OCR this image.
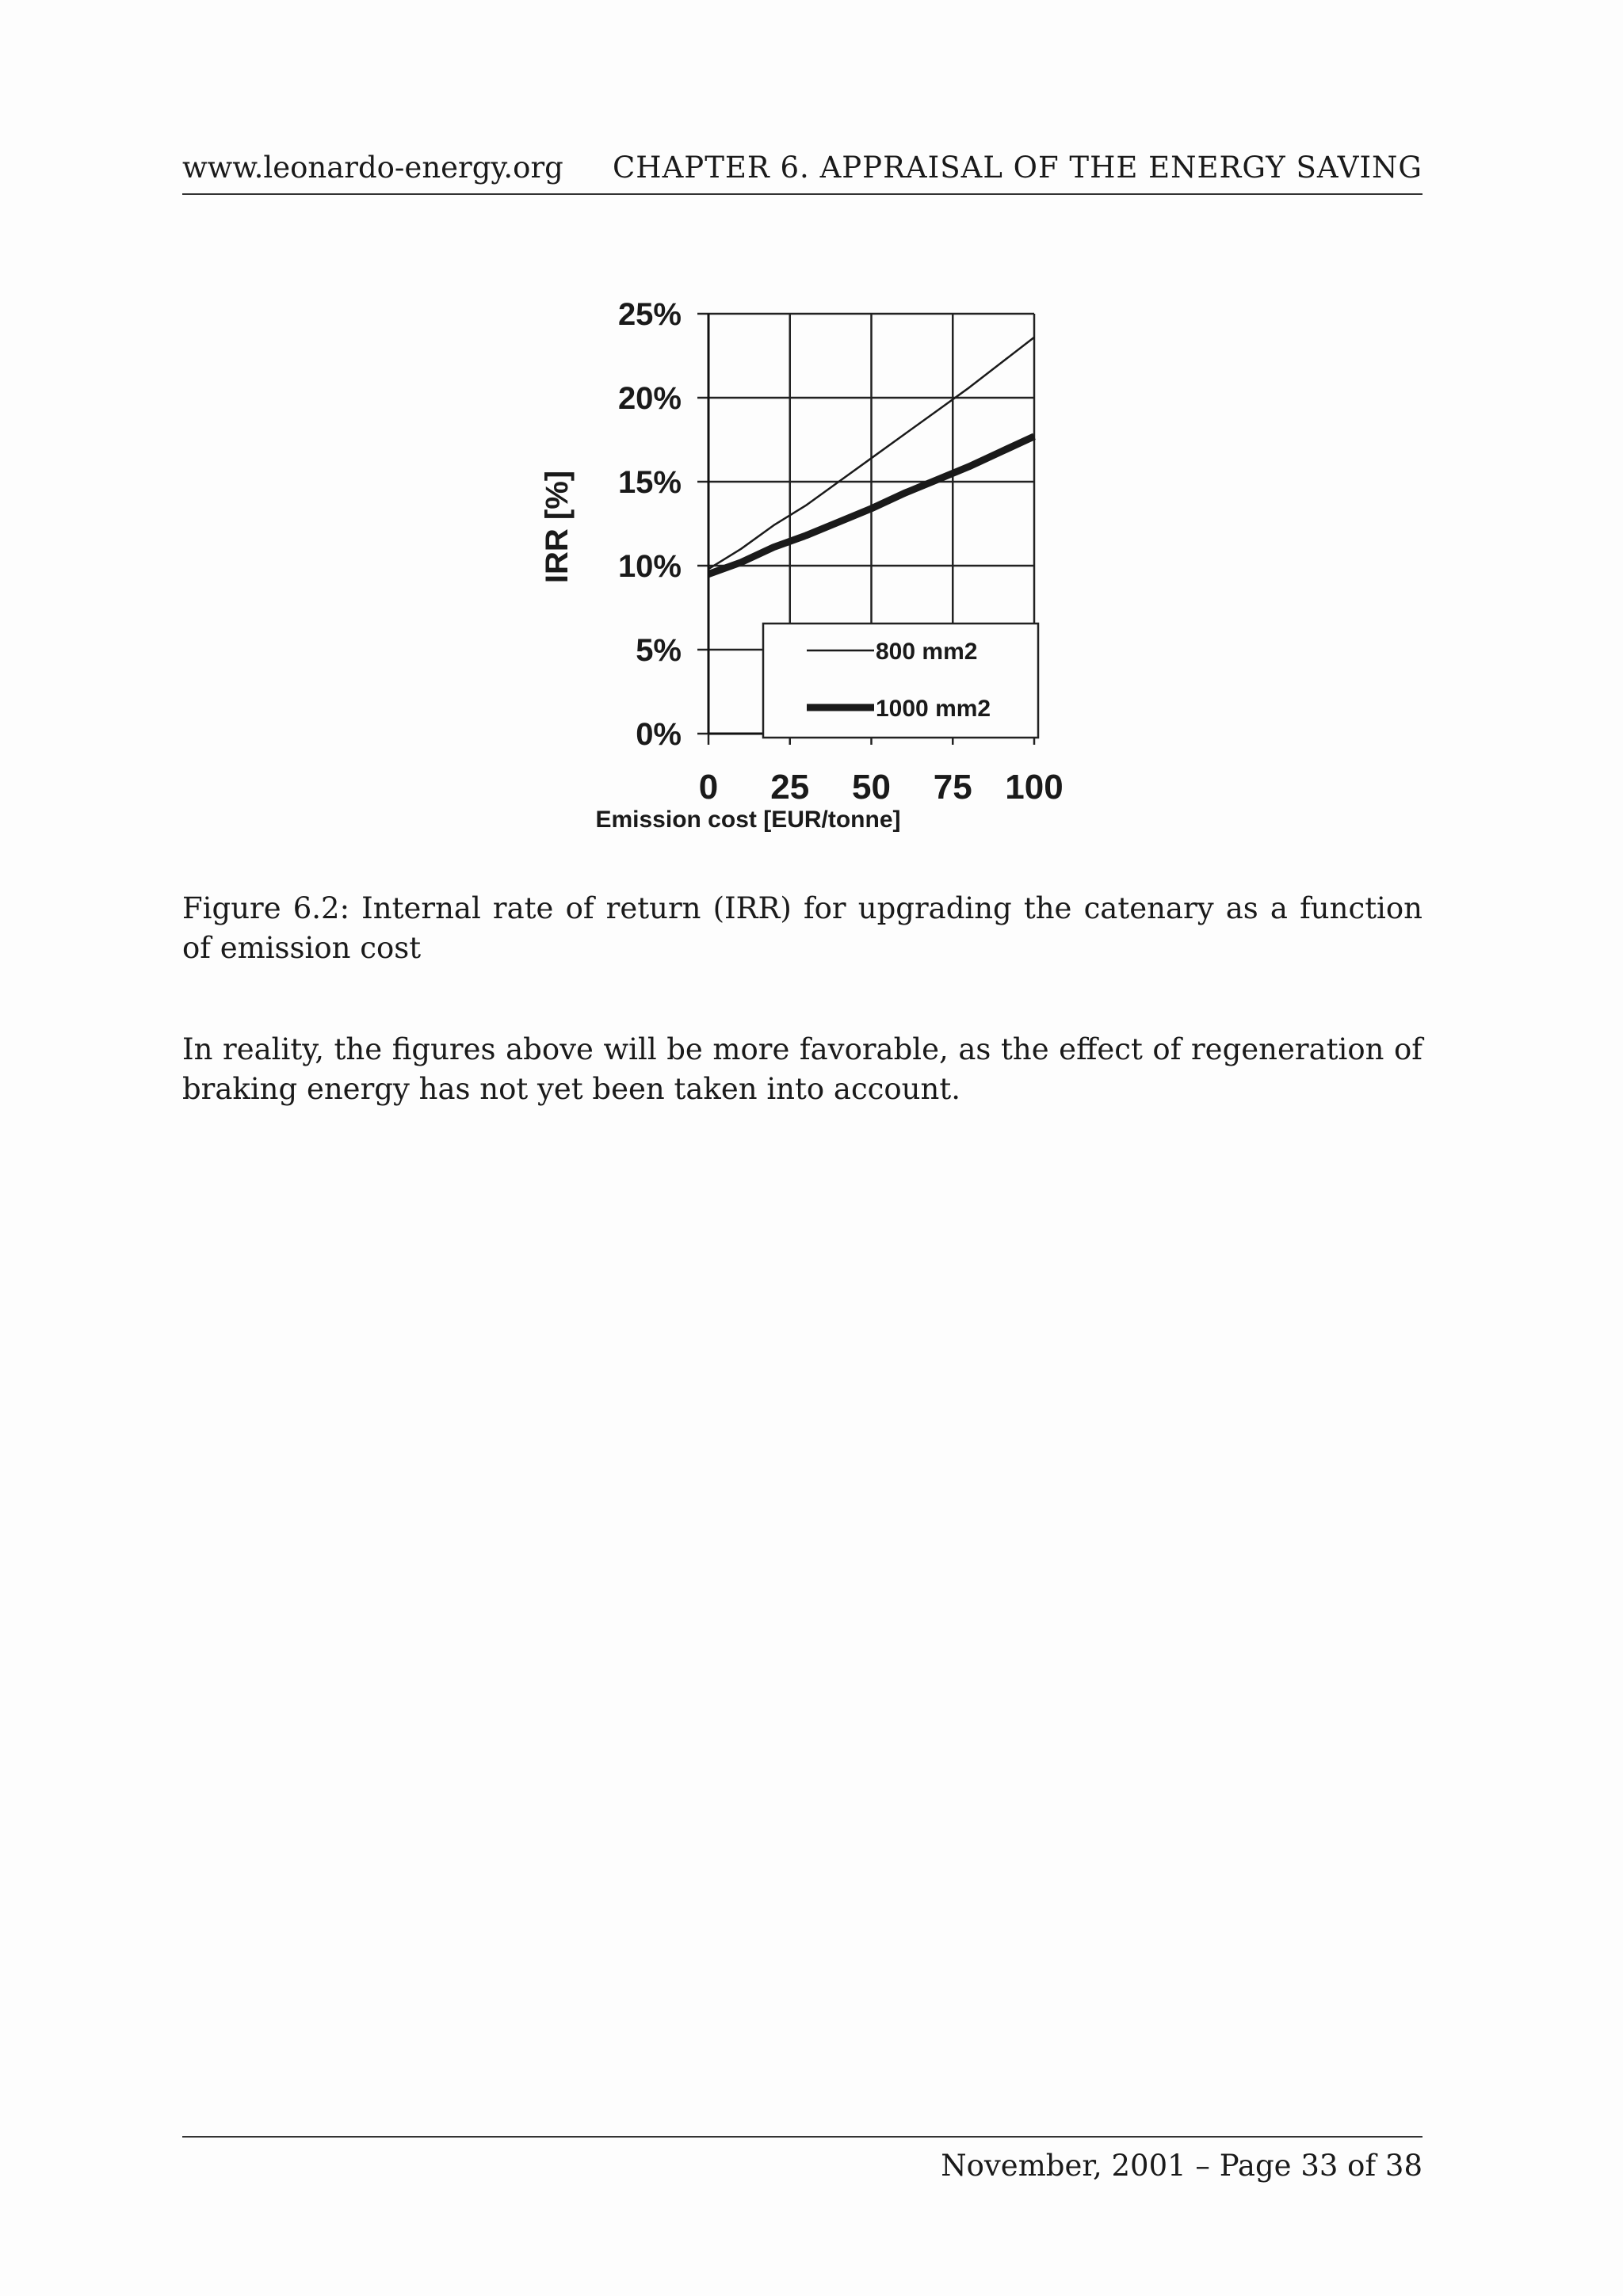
www.leonardo-energy.org CHAPTER 6. APPRAISAL OF THE ENERGY SAVING
0%
5%
10%
15%
20%
25%
0 25 50 75 100
800 mm2
1000 mm2
IRR [%]
Emission cost [EUR/tonne]
Figure 6.2: Internal rate of return (IRR) for upgrading the catenary as a function of emission cost
In reality, the figures above will be more favorable, as the effect of regeneration of braking energy has not yet been taken into account.
November, 2001 – Page 33 of 38
